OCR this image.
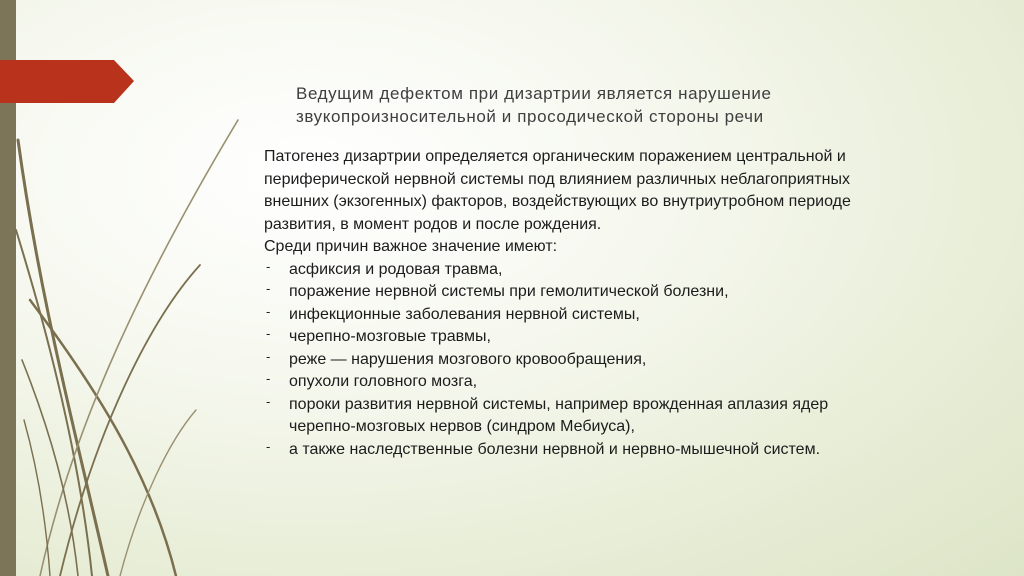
Ведущим дефектом при дизартрии является нарушение
звукопроизносительной и просодической стороны речи

Патогенез дизартрии определяется органическим поражением центральной и периферической нервной системы под влиянием различных неблагоприятных внешних (экзогенных) факторов, воздействующих во внутриутробном периоде развития, в момент родов и после рождения.

Среди причин важное значение имеют:

- асфиксия и родовая травма,
- поражение нервной системы при гемолитической болезни,
- инфекционные заболевания нервной системы,
- черепно-мозговые травмы,
- реже — нарушения мозгового кровообращения,
- опухоли головного мозга,
- пороки развития нервной системы, например врожденная аплазия ядер черепно-мозговых нервов (синдром Мебиуса),
- а также наследственные болезни нервной и нервно-мышечной систем.
